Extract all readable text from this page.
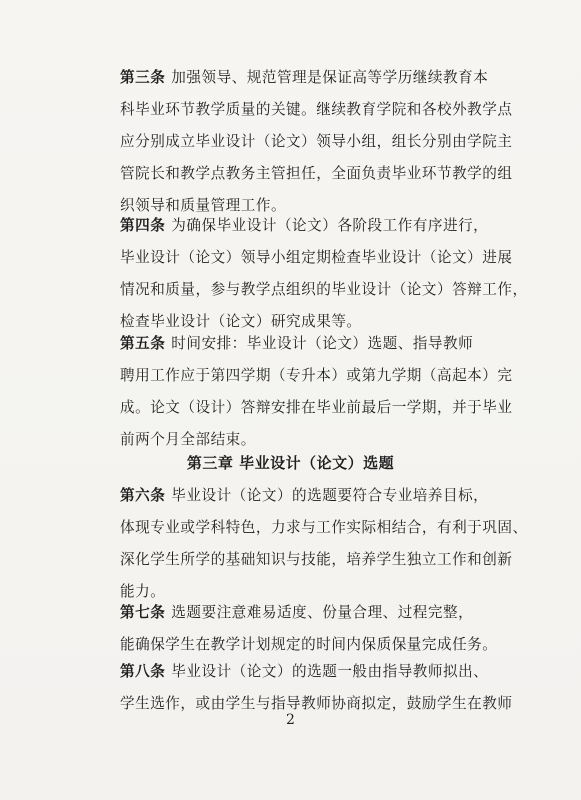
第三条 加强领导、规范管理是保证高等学历继续教育本
科毕业环节教学质量的关键。继续教育学院和各校外教学点
应分别成立毕业设计（论文）领导小组，组长分别由学院主
管院长和教学点教务主管担任，全面负责毕业环节教学的组
织领导和质量管理工作。
第四条 为确保毕业设计（论文）各阶段工作有序进行，
毕业设计（论文）领导小组定期检查毕业设计（论文）进展
情况和质量，参与教学点组织的毕业设计（论文）答辩工作，
检查毕业设计（论文）研究成果等。
第五条 时间安排：毕业设计（论文）选题、指导教师
聘用工作应于第四学期（专升本）或第九学期（高起本）完
成。论文（设计）答辩安排在毕业前最后一学期，并于毕业
前两个月全部结束。
第三章 毕业设计（论文）选题
第六条 毕业设计（论文）的选题要符合专业培养目标，
体现专业或学科特色，力求与工作实际相结合，有利于巩固、
深化学生所学的基础知识与技能，培养学生独立工作和创新
能力。
第七条 选题要注意难易适度、份量合理、过程完整，
能确保学生在教学计划规定的时间内保质保量完成任务。
第八条 毕业设计（论文）的选题一般由指导教师拟出、
学生选作，或由学生与指导教师协商拟定，鼓励学生在教师
2
